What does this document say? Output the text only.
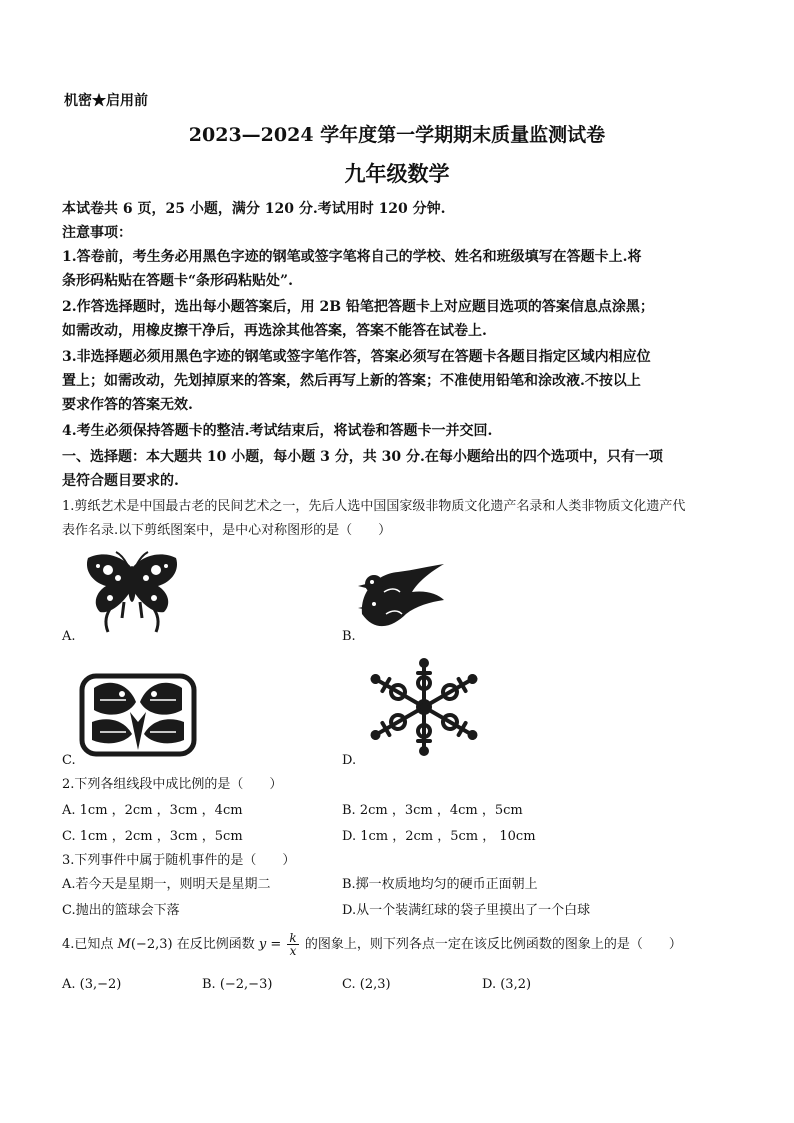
机密★启用前
2023—2024 学年度第一学期期末质量监测试卷
九年级数学
本试卷共 6 页，25 小题，满分 120 分.考试用时 120 分钟.
注意事项：
1.答卷前，考生务必用黑色字迹的钢笔或签字笔将自己的学校、姓名和班级填写在答题卡上.将
条形码粘贴在答题卡“条形码粘贴处”.
2.作答选择题时，选出每小题答案后，用 2B 铅笔把答题卡上对应题目选项的答案信息点涂黑；
如需改动，用橡皮擦干净后，再选涂其他答案，答案不能答在试卷上.
3.非选择题必须用黑色字迹的钢笔或签字笔作答，答案必须写在答题卡各题目指定区域内相应位
置上；如需改动，先划掉原来的答案，然后再写上新的答案；不准使用铅笔和涂改液.不按以上
要求作答的答案无效.
4.考生必须保持答题卡的整洁.考试结束后，将试卷和答题卡一并交回.
一、选择题：本大题共 10 小题，每小题 3 分，共 30 分.在每小题给出的四个选项中，只有一项
是符合题目要求的.
1.剪纸艺术是中国最古老的民间艺术之一，先后人选中国国家级非物质文化遗产名录和人类非物质文化遗产代
表作名录.以下剪纸图案中，是中心对称图形的是（　　）
A.	B.
C.	D.
2.下列各组线段中成比例的是（　　）
A. 1cm ，2cm ，3cm ，4cm	B. 2cm ，3cm ，4cm ，5cm
C. 1cm ，2cm ，3cm ，5cm	D. 1cm ，2cm ，5cm ， 10cm
3.下列事件中属于随机事件的是（　　）
A.若今天是星期一，则明天是星期二	B.掷一枚质地均匀的硬币正面朝上
C.抛出的篮球会下落	D.从一个装满红球的袋子里摸出了一个白球
4.已知点 M(−2,3) 在反比例函数 $y = \frac{k}{x}$ 的图象上，则下列各点一定在该反比例函数的图象上的是（　　）
A. (3,−2)	B. (−2,−3)	C. (2,3)	D. (3,2)
